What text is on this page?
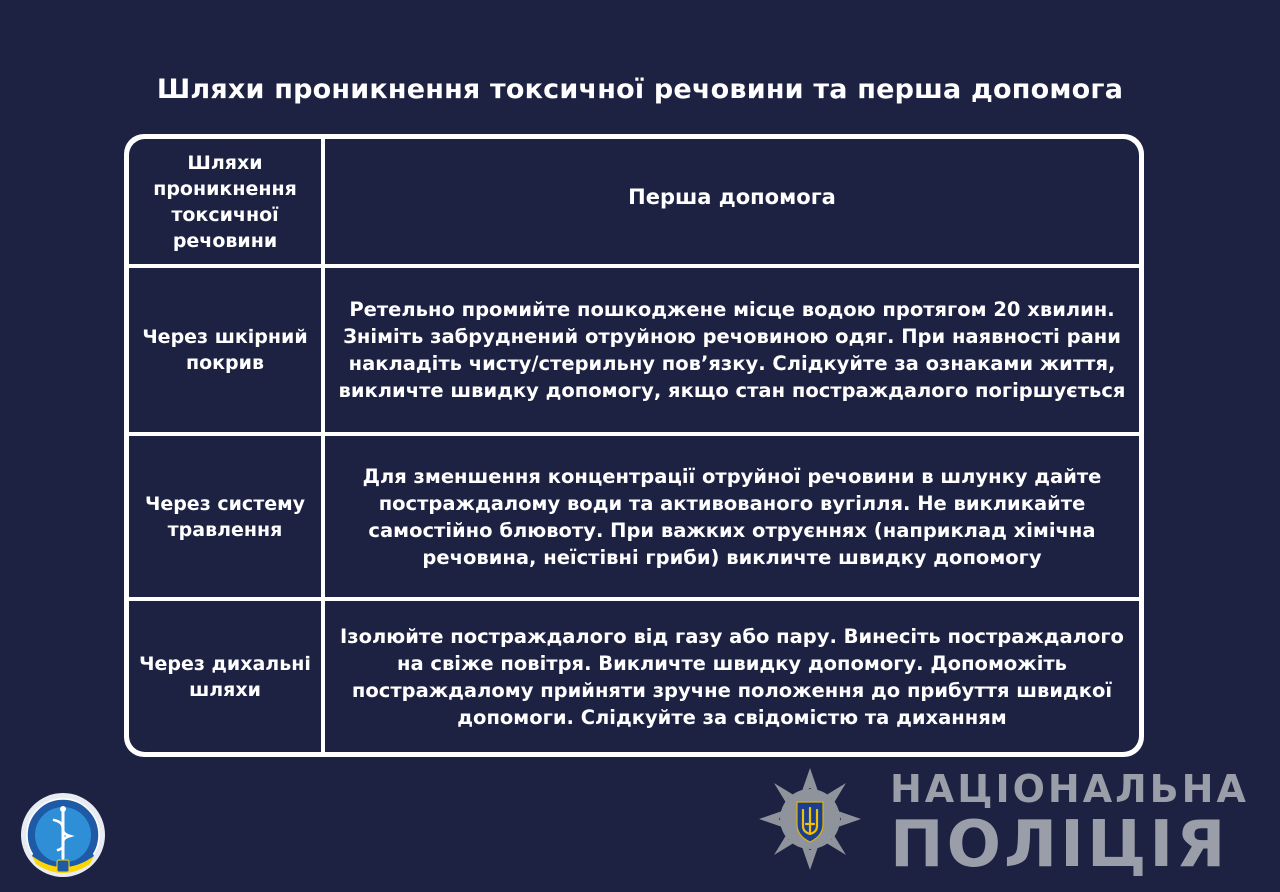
Шляхи проникнення токсичної речовини та перша допомога
Шляхи проникнення токсичної речовини
Перша допомога
Через шкірний покрив
Ретельно промийте пошкоджене місце водою протягом 20 хвилин. Зніміть забруднений отруйною речовиною одяг. При наявності рани накладіть чисту/стерильну пов’язку. Слідкуйте за ознаками життя, викличте швидку допомогу, якщо стан постраждалого погіршується
Через систему травлення
Для зменшення концентрації отруйної речовини в шлунку дайте постраждалому води та активованого вугілля. Не викликайте самостійно блювоту. При важких отруєннях (наприклад хімічна речовина, неїстівні гриби) викличте швидку допомогу
Через дихальні шляхи
Ізолюйте постраждалого від газу або пару. Винесіть постраждалого на свіже повітря. Викличте швидку допомогу. Допоможіть постраждалому прийняти зручне положення до прибуття швидкої допомоги. Слідкуйте за свідомістю та диханням
НАЦІОНАЛЬНА
ПОЛІЦІЯ
